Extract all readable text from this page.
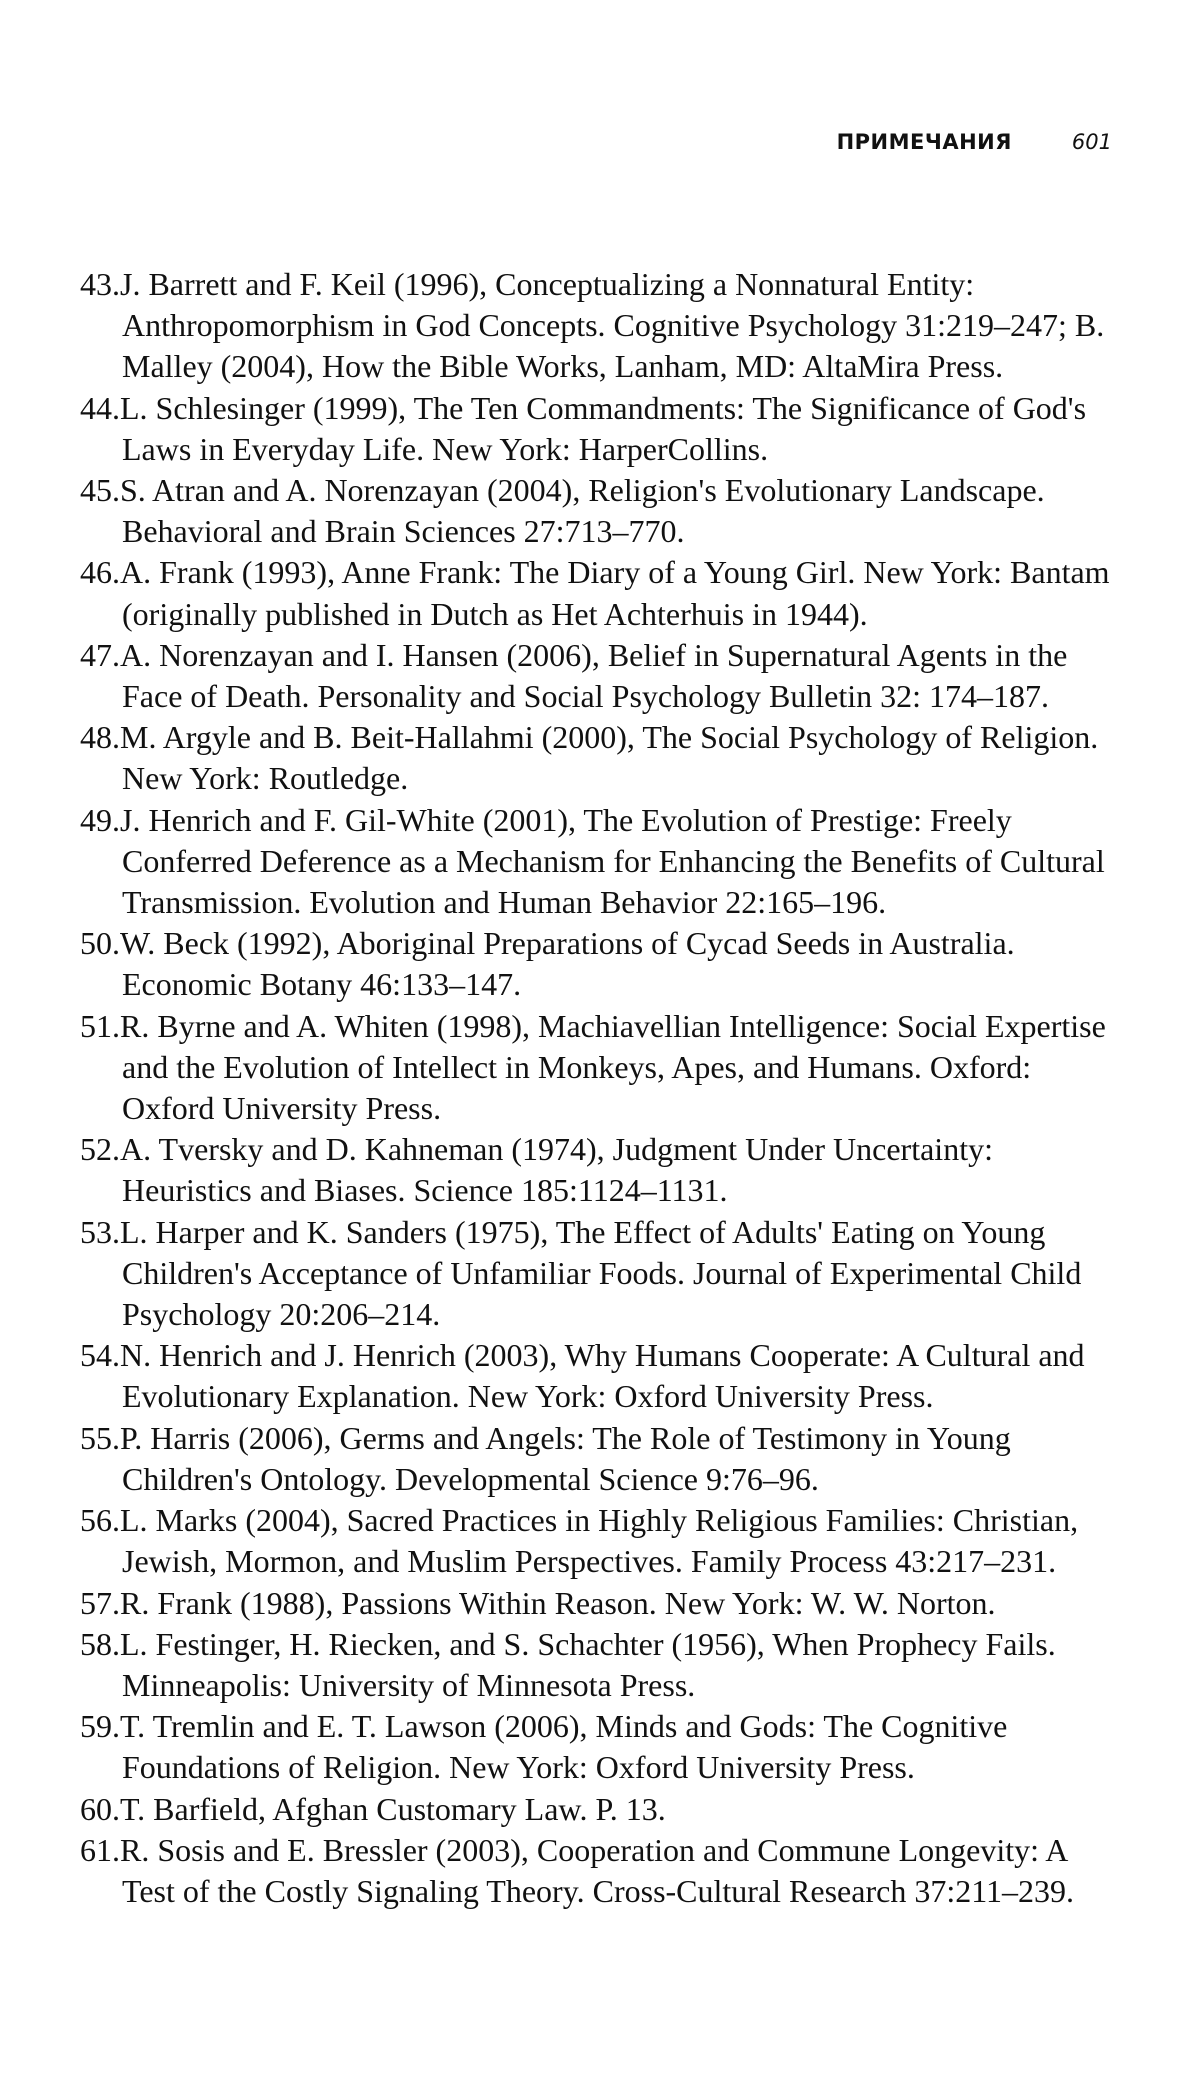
ПРИМЕЧАНИЯ	601
43.J. Barrett and F. Keil (1996), Conceptualizing a Nonnatural Entity: Anthropomorphism in God Concepts. Cognitive Psychology 31:219–247; B. Malley (2004), How the Bible Works, Lanham, MD: AltaMira Press.
44.L. Schlesinger (1999), The Ten Commandments: The Significance of God's Laws in Everyday Life. New York: HarperCollins.
45.S. Atran and A. Norenzayan (2004), Religion's Evolutionary Landscape. Behavioral and Brain Sciences 27:713–770.
46.A. Frank (1993), Anne Frank: The Diary of a Young Girl. New York: Bantam (originally published in Dutch as Het Achterhuis in 1944).
47.A. Norenzayan and I. Hansen (2006), Belief in Supernatural Agents in the Face of Death. Personality and Social Psychology Bulletin 32: 174–187.
48.M. Argyle and B. Beit-Hallahmi (2000), The Social Psychology of Religion. New York: Routledge.
49.J. Henrich and F. Gil-White (2001), The Evolution of Prestige: Freely Conferred Deference as a Mechanism for Enhancing the Benefits of Cultural Transmission. Evolution and Human Behavior 22:165–196.
50.W. Beck (1992), Aboriginal Preparations of Cycad Seeds in Australia. Economic Botany 46:133–147.
51.R. Byrne and A. Whiten (1998), Machiavellian Intelligence: Social Expertise and the Evolution of Intellect in Monkeys, Apes, and Humans. Oxford: Oxford University Press.
52.A. Tversky and D. Kahneman (1974), Judgment Under Uncertainty: Heuristics and Biases. Science 185:1124–1131.
53.L. Harper and K. Sanders (1975), The Effect of Adults' Eating on Young Children's Acceptance of Unfamiliar Foods. Journal of Experimental Child Psychology 20:206–214.
54.N. Henrich and J. Henrich (2003), Why Humans Cooperate: A Cultural and Evolutionary Explanation. New York: Oxford University Press.
55.P. Harris (2006), Germs and Angels: The Role of Testimony in Young Children's Ontology. Developmental Science 9:76–96.
56.L. Marks (2004), Sacred Practices in Highly Religious Families: Christian, Jewish, Mormon, and Muslim Perspectives. Family Process 43:217–231.
57.R. Frank (1988), Passions Within Reason. New York: W. W. Norton.
58.L. Festinger, H. Riecken, and S. Schachter (1956), When Prophecy Fails. Minneapolis: University of Minnesota Press.
59.T. Tremlin and E. T. Lawson (2006), Minds and Gods: The Cognitive Foundations of Religion. New York: Oxford University Press.
60.T. Barfield, Afghan Customary Law. P. 13.
61.R. Sosis and E. Bressler (2003), Cooperation and Commune Longevity: A Test of the Costly Signaling Theory. Cross-Cultural Research 37:211–239.
